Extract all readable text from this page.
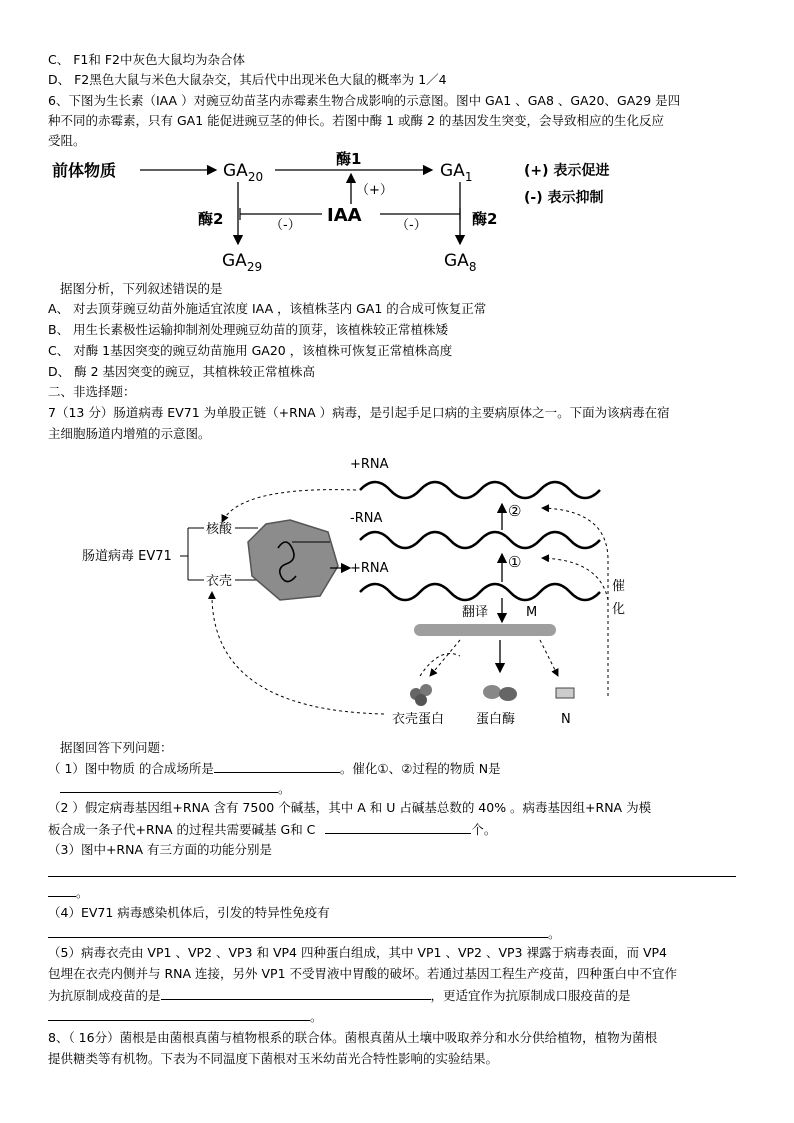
C、 F1和 F2中灰色大鼠均为杂合体
D、 F2黑色大鼠与米色大鼠杂交，其后代中出现米色大鼠的概率为 1／4
6、下图为生长素（IAA ）对豌豆幼苗茎内赤霉素生物合成影响的示意图。图中 GA1 、GA8 、GA20、GA29 是四
种不同的赤霉素，只有 GA1 能促进豌豆茎的伸长。若图中酶 1 或酶 2 的基因发生突变，会导致相应的生化反应
受阻。
前体物质	$GA_{20}$	$GA_1$
酶1
（+）
IAA
（-）	（-）
酶2	酶2
$GA_{29}$	$GA_8$
(+) 表示促进
(-) 表示抑制
据图分析，下列叙述错误的是
A、 对去顶芽豌豆幼苗外施适宜浓度 IAA ，该植株茎内 GA1 的合成可恢复正常
B、 用生长素极性运输抑制剂处理豌豆幼苗的顶芽，该植株较正常植株矮
C、 对酶 1基因突变的豌豆幼苗施用 GA20 ，该植株可恢复正常植株高度
D、 酶 2 基因突变的豌豆，其植株较正常植株高
二、非选择题：
7（13 分）肠道病毒 EV71 为单股正链（+RNA ）病毒，是引起手足口病的主要病原体之一。下面为该病毒在宿
主细胞肠道内增殖的示意图。
肠道病毒 EV71
核酸
衣壳
+RNA
-RNA
+RNA
②
①
翻译	M
催
化
衣壳蛋白 蛋白酶	N
据图回答下列问题：
（ 1）图中物质 的合成场所是	。催化①、②过程的物质 N是
。
（2 ）假定病毒基因组+RNA 含有 7500 个碱基，其中 A 和 U 占碱基总数的 40% 。病毒基因组+RNA 为模
板合成一条子代+RNA 的过程共需要碱基 G和 C	个。
（3）图中+RNA 有三方面的功能分别是
。
（4）EV71 病毒感染机体后，引发的特异性免疫有
。
（5）病毒衣壳由 VP1 、VP2 、VP3 和 VP4 四种蛋白组成，其中 VP1 、VP2 、VP3 裸露于病毒表面，而 VP4
包埋在衣壳内侧并与 RNA 连接，另外 VP1 不受胃液中胃酸的破坏。若通过基因工程生产疫苗，四种蛋白中不宜作
为抗原制成疫苗的是	，更适宜作为抗原制成口服疫苗的是
。
8、（ 16分）菌根是由菌根真菌与植物根系的联合体。菌根真菌从土壤中吸取养分和水分供给植物，植物为菌根
提供糖类等有机物。下表为不同温度下菌根对玉米幼苗光合特性影响的实验结果。
